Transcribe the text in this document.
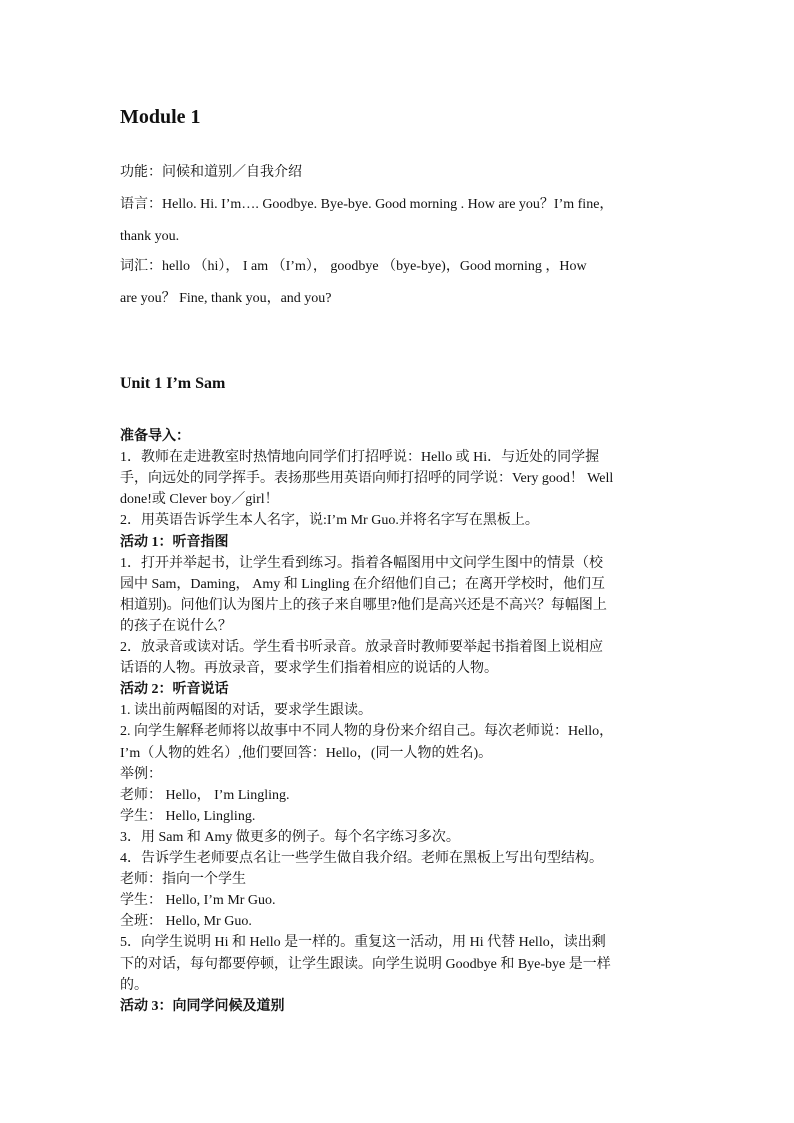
Module 1
功能：问候和道别／自我介绍
语言：Hello. Hi. I’m…. Goodbye. Bye-bye. Good morning . How are you？I’m fine，
thank you.
词汇：hello （hi）， I am （I’m）， goodbye （bye-bye)，Good morning ，How
are you？ Fine, thank you，and you?
Unit 1 I’m Sam
准备导入：
1．教师在走进教室时热情地向同学们打招呼说：Hello 或 Hi．与近处的同学握
手，向远处的同学挥手。表扬那些用英语向师打招呼的同学说：Very good！ Well
done!或 Clever boy／girl！
2．用英语告诉学生本人名字，说:I’m Mr Guo.并将名字写在黑板上。
活动 1：听音指图
1．打开并举起书，让学生看到练习。指着各幅图用中文问学生图中的情景（校
园中 Sam，Daming， Amy 和 Lingling 在介绍他们自己；在离开学校时，他们互
相道别)。问他们认为图片上的孩子来自哪里?他们是高兴还是不高兴？每幅图上
的孩子在说什么？
2．放录音或读对话。学生看书听录音。放录音时教师要举起书指着图上说相应
话语的人物。再放录音，要求学生们指着相应的说话的人物。
活动 2：听音说话
1. 读出前两幅图的对话，要求学生跟读。
2. 向学生解释老师将以故事中不同人物的身份来介绍自己。每次老师说：Hello，
I’m（人物的姓名）,他们要回答：Hello，(同一人物的姓名)。
举例：
老师： Hello， I’m Lingling.
学生： Hello, Lingling.
3．用 Sam 和 Amy 做更多的例子。每个名字练习多次。
4．告诉学生老师要点名让一些学生做自我介绍。老师在黑板上写出句型结构。
老师：指向一个学生
学生： Hello, I’m Mr Guo.
全班： Hello, Mr Guo.
5．向学生说明 Hi 和 Hello 是一样的。重复这一活动，用 Hi 代替 Hello，读出剩
下的对话，每句都要停顿，让学生跟读。向学生说明 Goodbye 和 Bye-bye 是一样
的。
活动 3：向同学问候及道别
